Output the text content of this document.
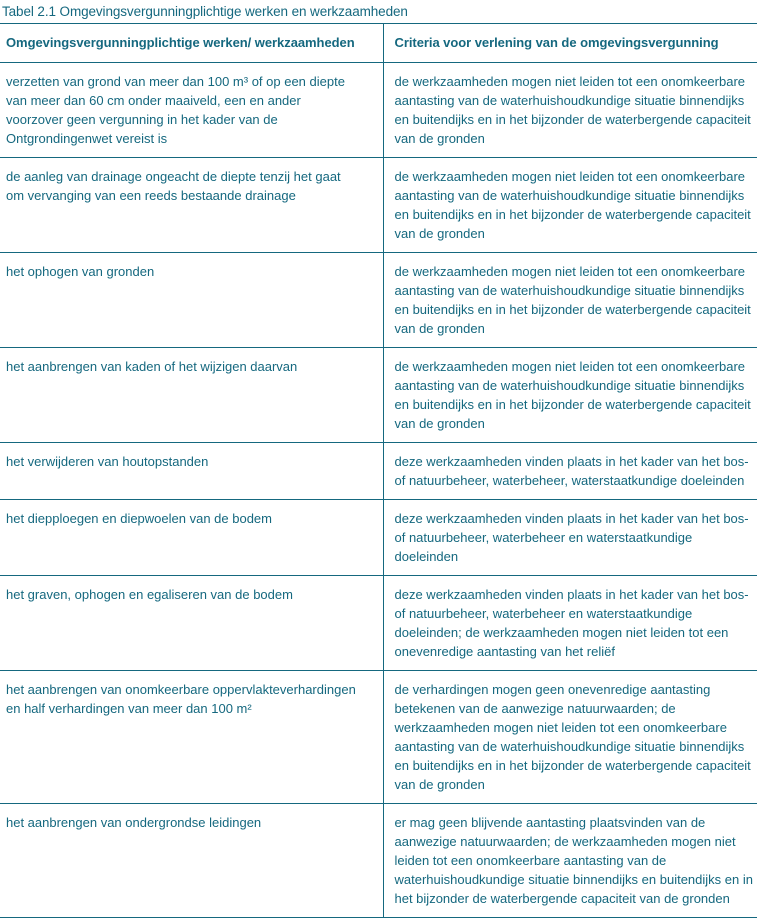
Tabel 2.1 Omgevingsvergunningplichtige werken en werkzaamheden
Omgevingsvergunningplichtige werken/ werkzaamheden	Criteria voor verlening van de omgevingsvergunning
verzetten van grond van meer dan 100 m³ of op een diepte van meer dan 60 cm onder maaiveld, een en ander voorzover geen vergunning in het kader van de Ontgrondingenwet vereist is	de werkzaamheden mogen niet leiden tot een onomkeerbare aantasting van de waterhuishoudkundige situatie binnendijks en buitendijks en in het bijzonder de waterbergende capaciteit van de gronden
de aanleg van drainage ongeacht de diepte tenzij het gaat om vervanging van een reeds bestaande drainage	de werkzaamheden mogen niet leiden tot een onomkeerbare aantasting van de waterhuishoudkundige situatie binnendijks en buitendijks en in het bijzonder de waterbergende capaciteit van de gronden
het ophogen van gronden	de werkzaamheden mogen niet leiden tot een onomkeerbare aantasting van de waterhuishoudkundige situatie binnendijks en buitendijks en in het bijzonder de waterbergende capaciteit van de gronden
het aanbrengen van kaden of het wijzigen daarvan	de werkzaamheden mogen niet leiden tot een onomkeerbare aantasting van de waterhuishoudkundige situatie binnendijks en buitendijks en in het bijzonder de waterbergende capaciteit van de gronden
het verwijderen van houtopstanden	deze werkzaamheden vinden plaats in het kader van het bos- of natuurbeheer, waterbeheer, waterstaatkundige doeleinden
het diepploegen en diepwoelen van de bodem	deze werkzaamheden vinden plaats in het kader van het bos- of natuurbeheer, waterbeheer en waterstaatkundige doeleinden
het graven, ophogen en egaliseren van de bodem	deze werkzaamheden vinden plaats in het kader van het bos- of natuurbeheer, waterbeheer en waterstaatkundige doeleinden; de werkzaamheden mogen niet leiden tot een onevenredige aantasting van het reliëf
het aanbrengen van onomkeerbare oppervlakteverhardingen en half verhardingen van meer dan 100 m²	de verhardingen mogen geen onevenredige aantasting betekenen van de aanwezige natuurwaarden; de werkzaamheden mogen niet leiden tot een onomkeerbare aantasting van de waterhuishoudkundige situatie binnendijks en buitendijks en in het bijzonder de waterbergende capaciteit van de gronden
het aanbrengen van ondergrondse leidingen	er mag geen blijvende aantasting plaatsvinden van de aanwezige natuurwaarden; de werkzaamheden mogen niet leiden tot een onomkeerbare aantasting van de waterhuishoudkundige situatie binnendijks en buitendijks en in het bijzonder de waterbergende capaciteit van de gronden
